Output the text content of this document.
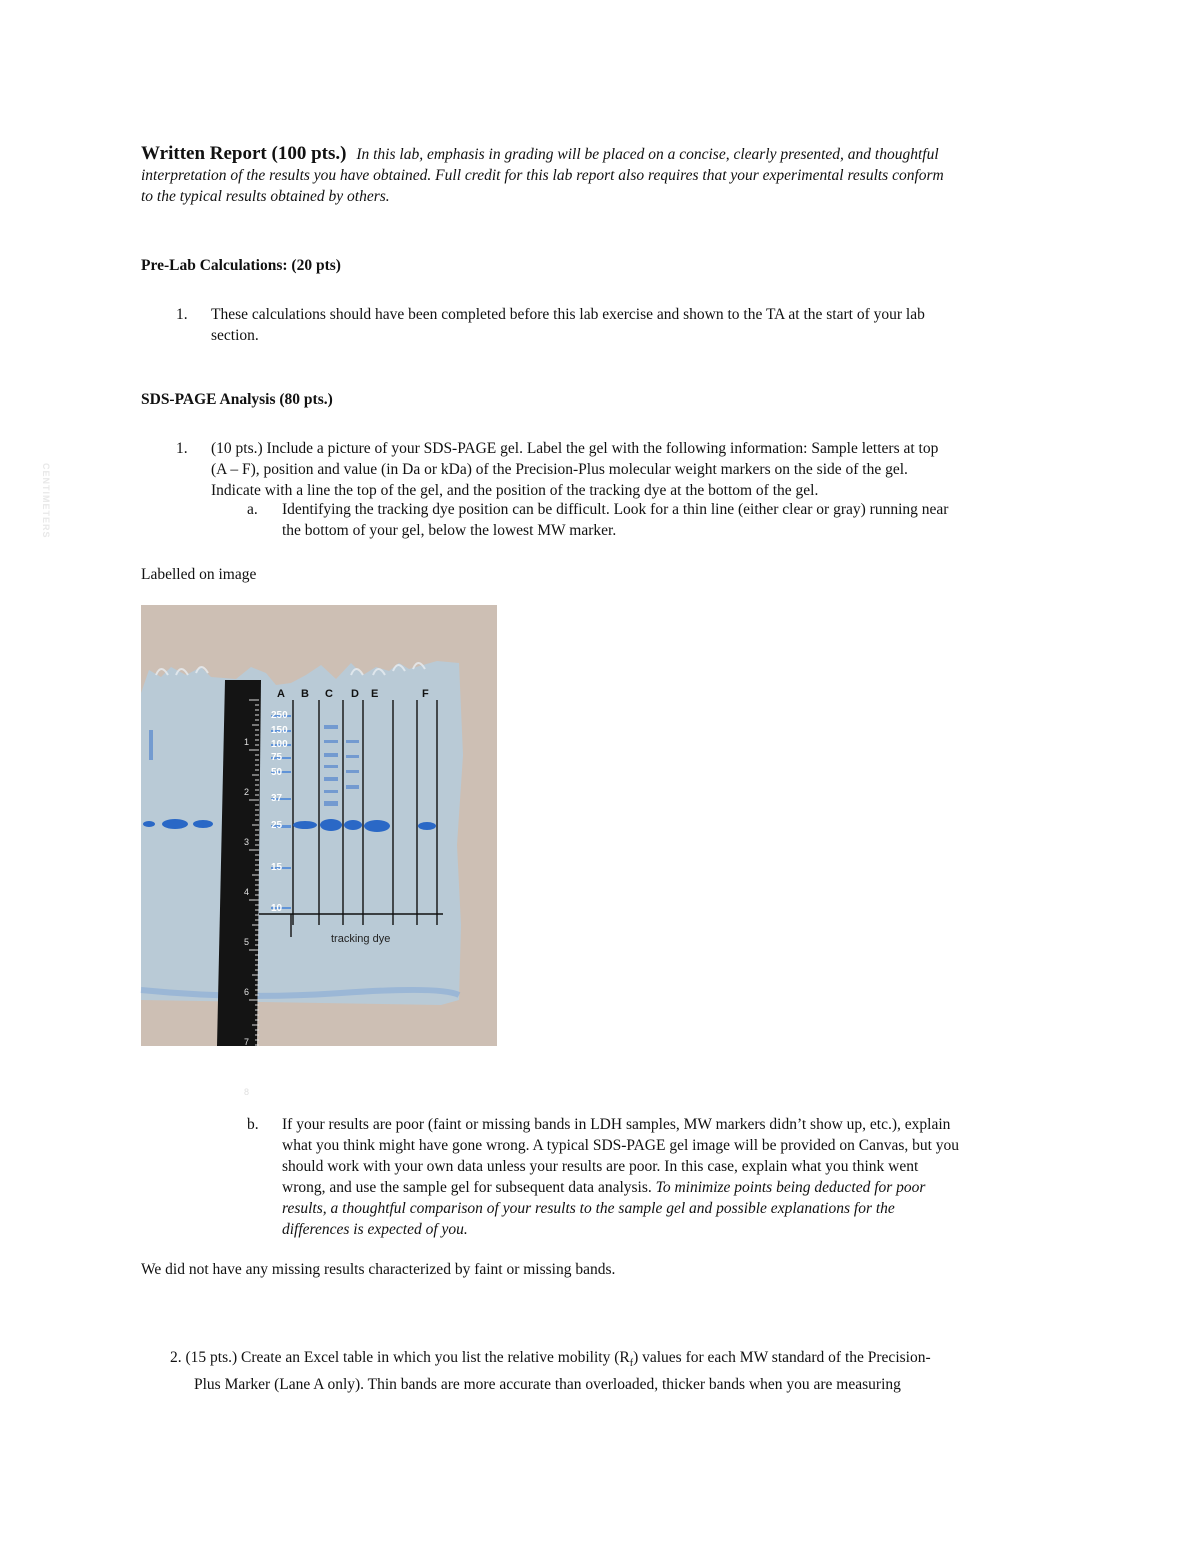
Written Report (100 pts.) In this lab, emphasis in grading will be placed on a concise, clearly presented, and thoughtful
interpretation of the results you have obtained. Full credit for this lab report also requires that your experimental results conform
to the typical results obtained by others.
Pre-Lab Calculations: (20 pts)
1. These calculations should have been completed before this lab exercise and shown to the TA at the start of your lab
section.
SDS-PAGE Analysis (80 pts.)
1. (10 pts.) Include a picture of your SDS-PAGE gel. Label the gel with the following information: Sample letters at top
(A – F), position and value (in Da or kDa) of the Precision-Plus molecular weight markers on the side of the gel.
Indicate with a line the top of the gel, and the position of the tracking dye at the bottom of the gel.
a. Identifying the tracking dye position can be difficult. Look for a thin line (either clear or gray) running near
the bottom of your gel, below the lowest MW marker.
Labelled on image
CENTIMETERS
1
2
3
4
5
6
7
8
250
150
100
75
50
37
25
15
10
A B C D E	F
tracking dye
b. If your results are poor (faint or missing bands in LDH samples, MW markers didn’t show up, etc.), explain
what you think might have gone wrong. A typical SDS-PAGE gel image will be provided on Canvas, but you
should work with your own data unless your results are poor. In this case, explain what you think went
wrong, and use the sample gel for subsequent data analysis. To minimize points being deducted for poor
results, a thoughtful comparison of your results to the sample gel and possible explanations for the
differences is expected of you.
We did not have any missing results characterized by faint or missing bands.
2. (15 pts.) Create an Excel table in which you list the relative mobility $(R_f)$ values for each MW standard of the Precision-
Plus Marker (Lane A only). Thin bands are more accurate than overloaded, thicker bands when you are measuring
